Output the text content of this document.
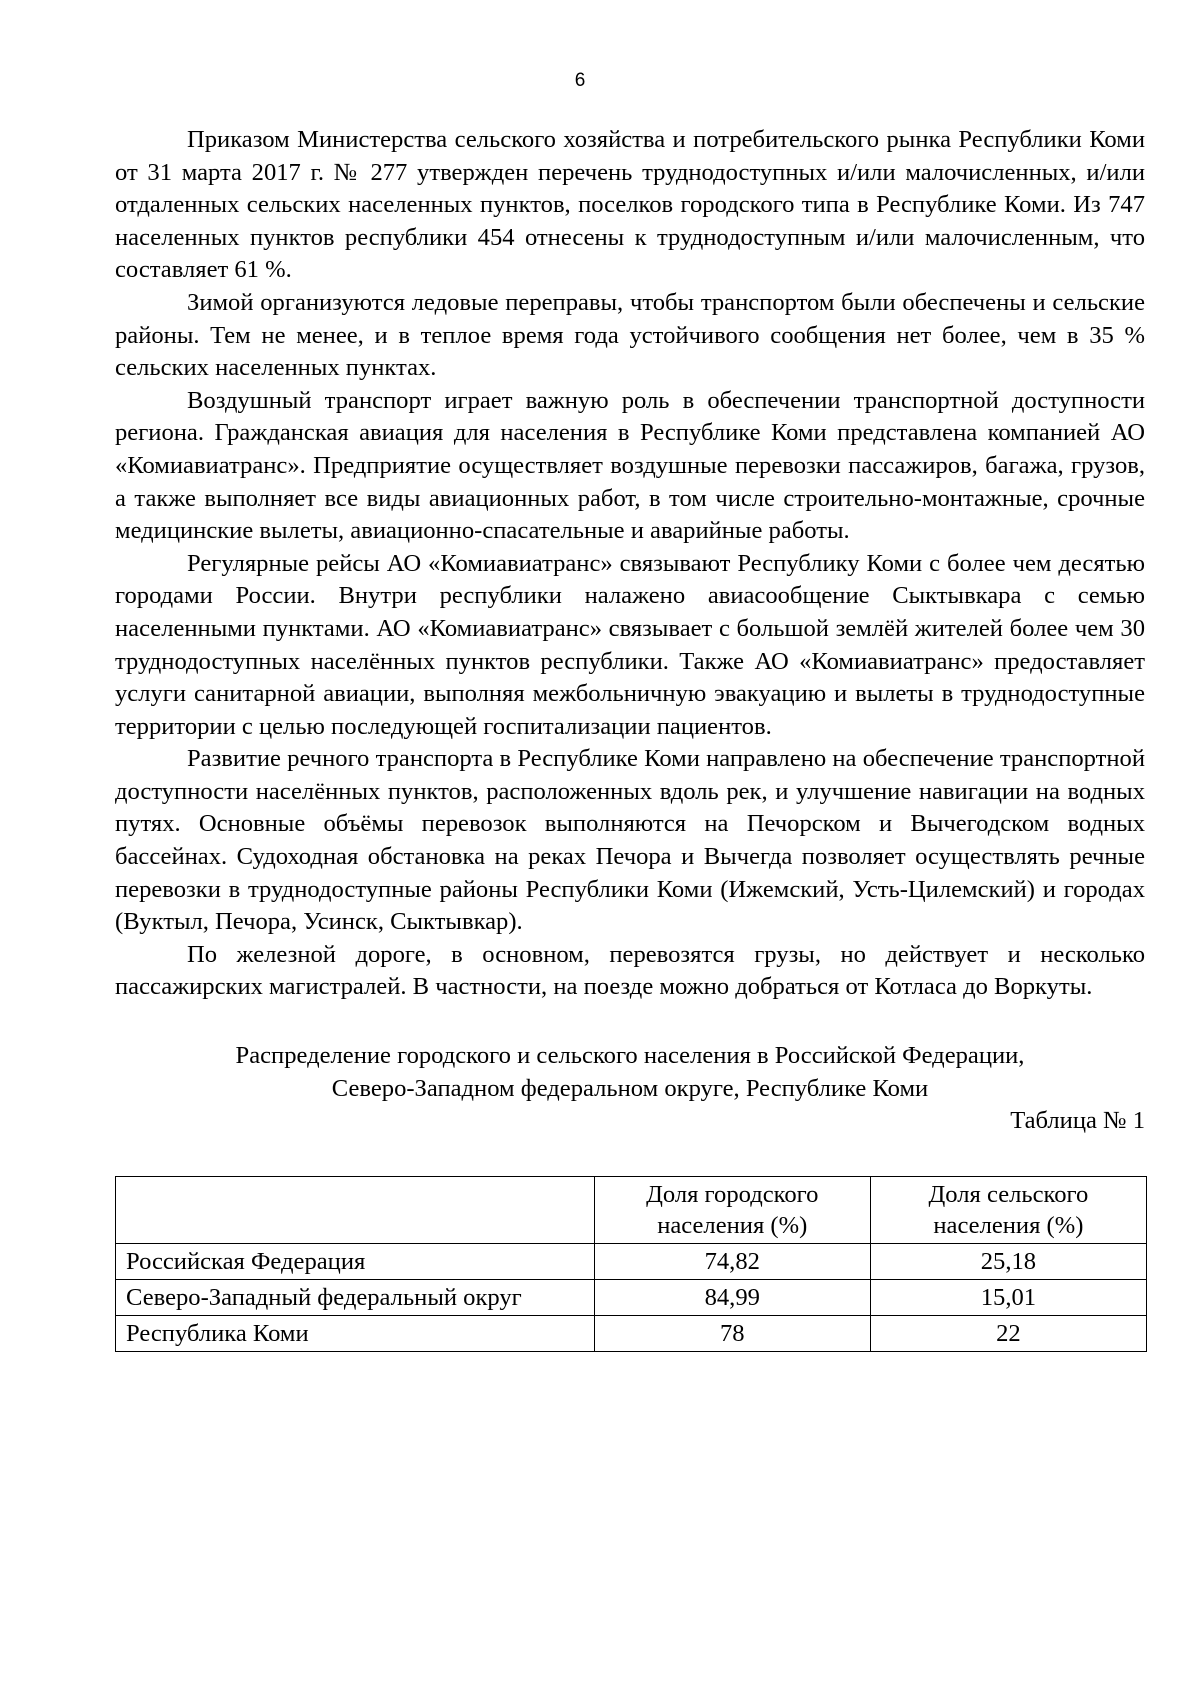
6

Приказом Министерства сельского хозяйства и потребительского рынка Республики Коми от 31 марта 2017 г. № 277 утвержден перечень труднодоступных и/или малочисленных, и/или отдаленных сельских населенных пунктов, поселков городского типа в Республике Коми. Из 747 населенных пунктов республики 454 отнесены к труднодоступным и/или малочисленным, что составляет 61 %.

Зимой организуются ледовые переправы, чтобы транспортом были обеспечены и сельские районы. Тем не менее, и в теплое время года устойчивого сообщения нет более, чем в 35 % сельских населенных пунктах.

Воздушный транспорт играет важную роль в обеспечении транспортной доступности региона. Гражданская авиация для населения в Республике Коми представлена компанией АО «Комиавиатранс». Предприятие осуществляет воздушные перевозки пассажиров, багажа, грузов, а также выполняет все виды авиационных работ, в том числе строительно-монтажные, срочные медицинские вылеты, авиационно-спасательные и аварийные работы.

Регулярные рейсы АО «Комиавиатранс» связывают Республику Коми с более чем десятью городами России. Внутри республики налажено авиасообщение Сыктывкара с семью населенными пунктами. АО «Комиавиатранс» связывает с большой землёй жителей более чем 30 труднодоступных населённых пунктов республики. Также АО «Комиавиатранс» предоставляет услуги санитарной авиации, выполняя межбольничную эвакуацию и вылеты в труднодоступные территории с целью последующей госпитализации пациентов.

Развитие речного транспорта в Республике Коми направлено на обеспечение транспортной доступности населённых пунктов, расположенных вдоль рек, и улучшение навигации на водных путях. Основные объёмы перевозок выполняются на Печорском и Вычегодском водных бассейнах. Судоходная обстановка на реках Печора и Вычегда позволяет осуществлять речные перевозки в труднодоступные районы Республики Коми (Ижемский, Усть-Цилемский) и городах (Вуктыл, Печора, Усинск, Сыктывкар).

По железной дороге, в основном, перевозятся грузы, но действует и несколько пассажирских магистралей. В частности, на поезде можно добраться от Котласа до Воркуты.

Распределение городского и сельского населения в Российской Федерации,
Северо-Западном федеральном округе, Республике Коми

Таблица № 1

	Доля городского населения (%)	Доля сельского населения (%)
Российская Федерация	74,82	25,18
Северо-Западный федеральный округ	84,99	15,01
Республика Коми	78	22
